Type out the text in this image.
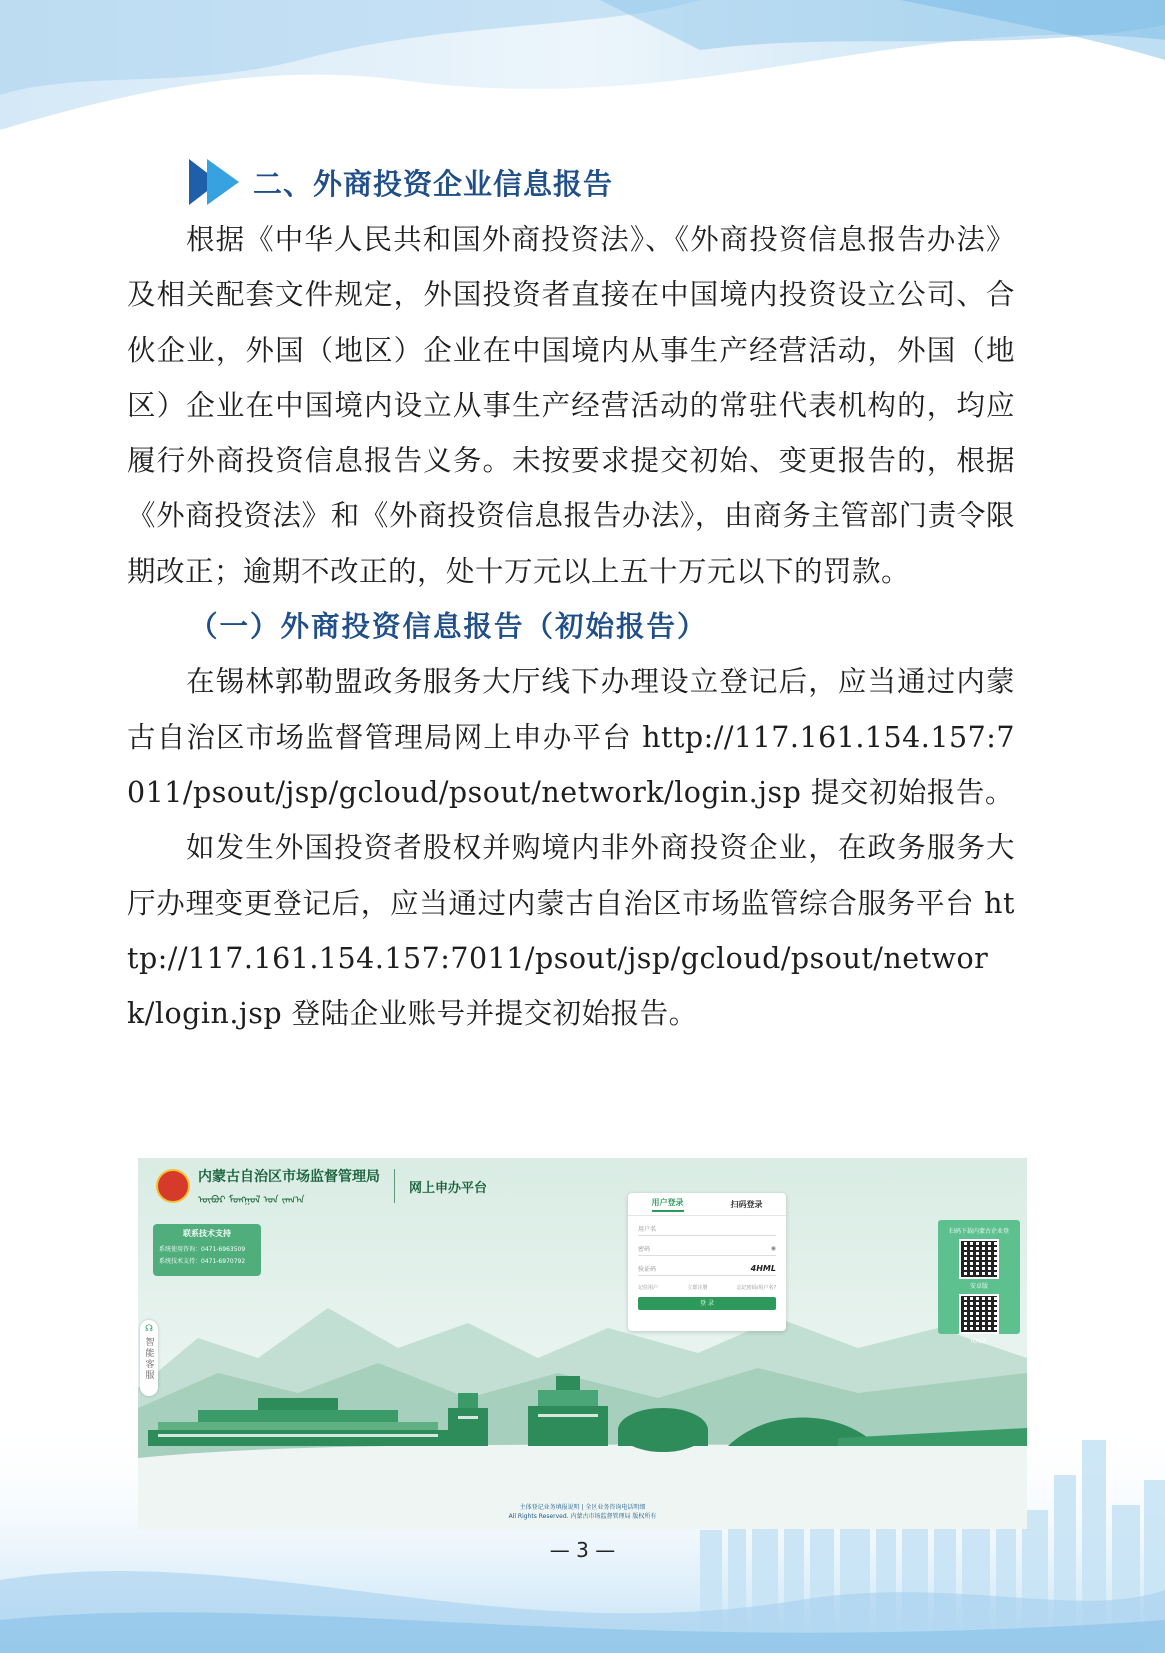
二、外商投资企业信息报告

根据《中华人民共和国外商投资法》、《外商投资信息报告办法》及相关配套文件规定，外国投资者直接在中国境内投资设立公司、合伙企业，外国（地区）企业在中国境内从事生产经营活动，外国（地区）企业在中国境内设立从事生产经营活动的常驻代表机构的，均应履行外商投资信息报告义务。未按要求提交初始、变更报告的，根据《外商投资法》和《外商投资信息报告办法》，由商务主管部门责令限期改正；逾期不改正的，处十万元以上五十万元以下的罚款。

（一）外商投资信息报告（初始报告）

在锡林郭勒盟政务服务大厅线下办理设立登记后，应当通过内蒙古自治区市场监督管理局网上申办平台 http://117.161.154.157:7011/psout/jsp/gcloud/psout/network/login.jsp 提交初始报告。

如发生外国投资者股权并购境内非外商投资企业，在政务服务大厅办理变更登记后，应当通过内蒙古自治区市场监管综合服务平台 http://117.161.154.157:7011/psout/jsp/gcloud/psout/network/login.jsp 登陆企业账号并提交初始报告。

内蒙古自治区市场监督管理局
ᠥᠪᠥᠷ ᠮᠣᠩᠭᠣᠯ ᠤᠨ ᠵᠠᠬ᠎ᠠ
网上申办平台
联系技术支持
系统使用咨询：0471-6963509
系统技术支持：0471-6970792
用户登录	扫码登录
用户名
密码	◉
验证码	4HML
记住用户	立即注册	忘记密码/用户名?
登 录
扫码下载内蒙古企业登
安卓版
IOS版
☊
智能客服
主体登记业务填报说明 | 全区业务咨询电话明细
All Rights Reserved. 内蒙古市场监督管理局 版权所有
— 3 —
